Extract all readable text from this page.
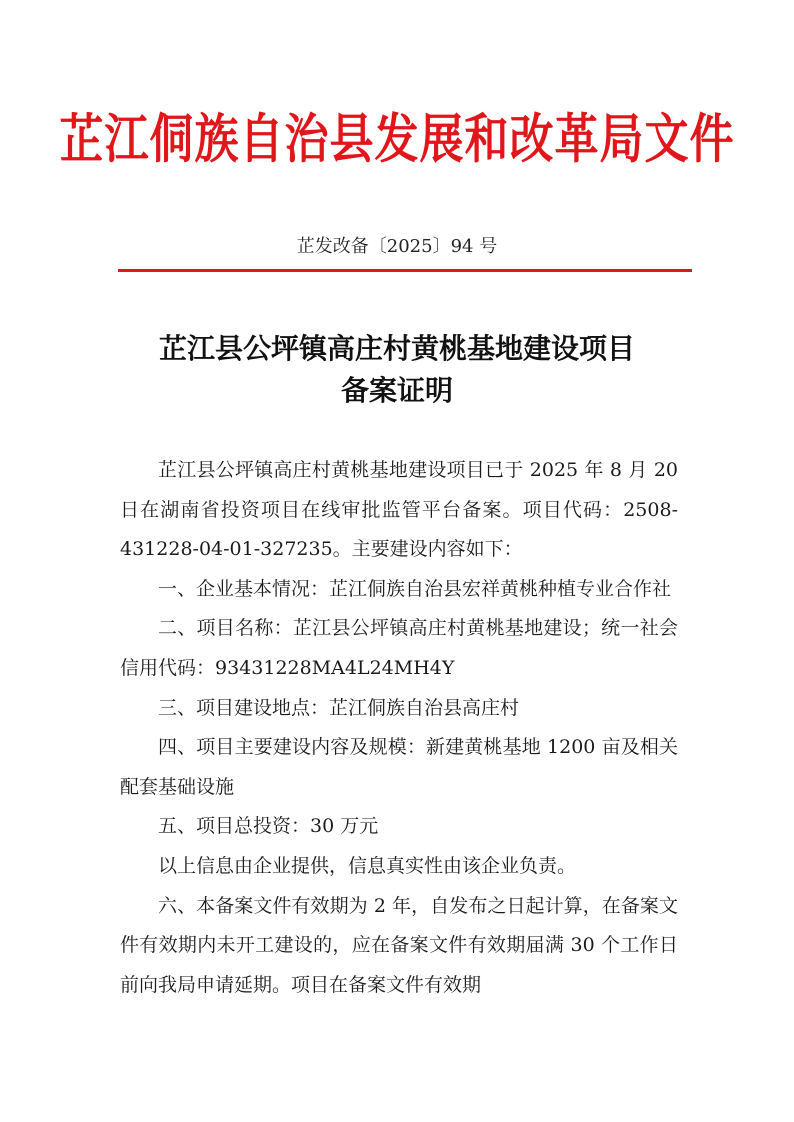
芷江侗族自治县发展和改革局文件
芷发改备〔2025〕94 号
芷江县公坪镇高庄村黄桃基地建设项目
备案证明

芷江县公坪镇高庄村黄桃基地建设项目已于 2025 年 8 月 20 日在湖南省投资项目在线审批监管平台备案。项目代码：2508-431228-04-01-327235。主要建设内容如下：

一、企业基本情况：芷江侗族自治县宏祥黄桃种植专业合作社

二、项目名称：芷江县公坪镇高庄村黄桃基地建设；统一社会信用代码：93431228MA4L24MH4Y

三、项目建设地点：芷江侗族自治县高庄村

四、项目主要建设内容及规模：新建黄桃基地 1200 亩及相关配套基础设施

五、项目总投资：30 万元

以上信息由企业提供，信息真实性由该企业负责。

六、本备案文件有效期为 2 年，自发布之日起计算，在备案文件有效期内未开工建设的，应在备案文件有效期届满 30 个工作日前向我局申请延期。项目在备案文件有效期
